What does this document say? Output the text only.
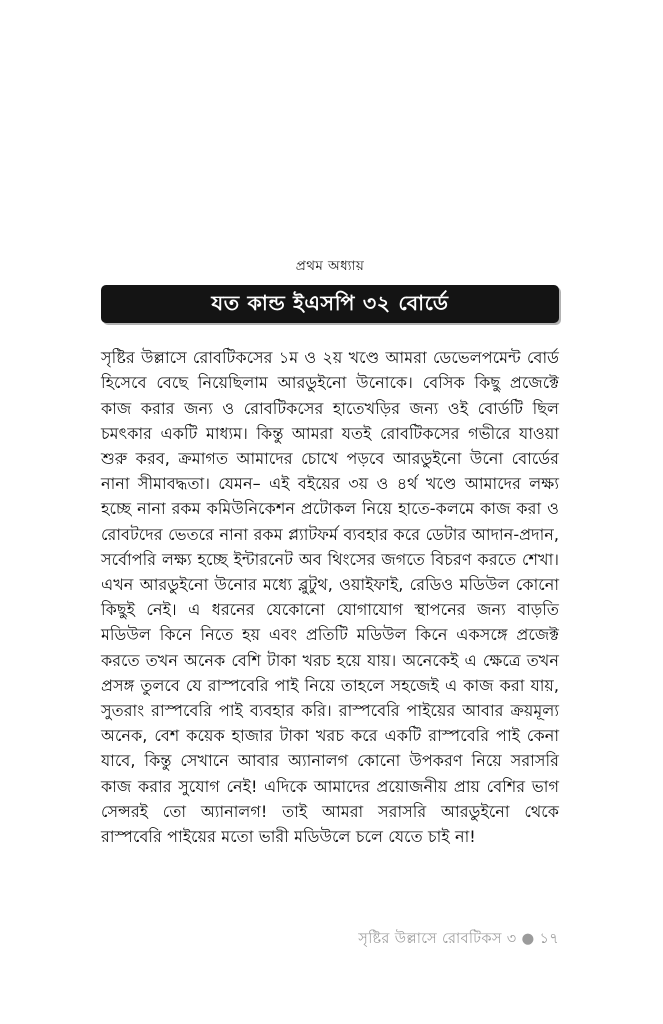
প্রথম অধ্যায়
যত কান্ড ইএসপি ৩২ বোর্ডে

সৃষ্টির উল্লাসে রোবটিকসের ১ম ও ২য় খণ্ডে আমরা ডেভেলপমেন্ট বোর্ড হিসেবে বেছে নিয়েছিলাম আরডুইনো উনোকে। বেসিক কিছু প্রজেক্টে কাজ করার জন্য ও রোবটিকসের হাতেখড়ির জন্য ওই বোর্ডটি ছিল চমৎকার একটি মাধ্যম। কিন্তু আমরা যতই রোবটিকসের গভীরে যাওয়া শুরু করব, ক্রমাগত আমাদের চোখে পড়বে আরডুইনো উনো বোর্ডের নানা সীমাবদ্ধতা। যেমন– এই বইয়ের ৩য় ও ৪র্থ খণ্ডে আমাদের লক্ষ্য হচ্ছে নানা রকম কমিউনিকেশন প্রটোকল নিয়ে হাতে-কলমে কাজ করা ও রোবটদের ভেতরে নানা রকম প্ল্যাটফর্ম ব্যবহার করে ডেটার আদান-প্রদান, সর্বোপরি লক্ষ্য হচ্ছে ইন্টারনেট অব থিংসের জগতে বিচরণ করতে শেখা। এখন আরডুইনো উনোর মধ্যে ব্লুটুথ, ওয়াইফাই, রেডিও মডিউল কোনো কিছুই নেই। এ ধরনের যেকোনো যোগাযোগ স্থাপনের জন্য বাড়তি মডিউল কিনে নিতে হয় এবং প্রতিটি মডিউল কিনে একসঙ্গে প্রজেক্ট করতে তখন অনেক বেশি টাকা খরচ হয়ে যায়। অনেকেই এ ক্ষেত্রে তখন প্রসঙ্গ তুলবে যে রাস্পবেরি পাই নিয়ে তাহলে সহজেই এ কাজ করা যায়, সুতরাং রাস্পবেরি পাই ব্যবহার করি। রাস্পবেরি পাইয়ের আবার ক্রয়মূল্য অনেক, বেশ কয়েক হাজার টাকা খরচ করে একটি রাস্পবেরি পাই কেনা যাবে, কিন্তু সেখানে আবার অ্যানালগ কোনো উপকরণ নিয়ে সরাসরি কাজ করার সুযোগ নেই! এদিকে আমাদের প্রয়োজনীয় প্রায় বেশির ভাগ সেন্সরই তো অ্যানালগ! তাই আমরা সরাসরি আরডুইনো থেকে রাস্পবেরি পাইয়ের মতো ভারী মডিউলে চলে যেতে চাই না!

সৃষ্টির উল্লাসে রোবটিকস ৩ ● ১৭
